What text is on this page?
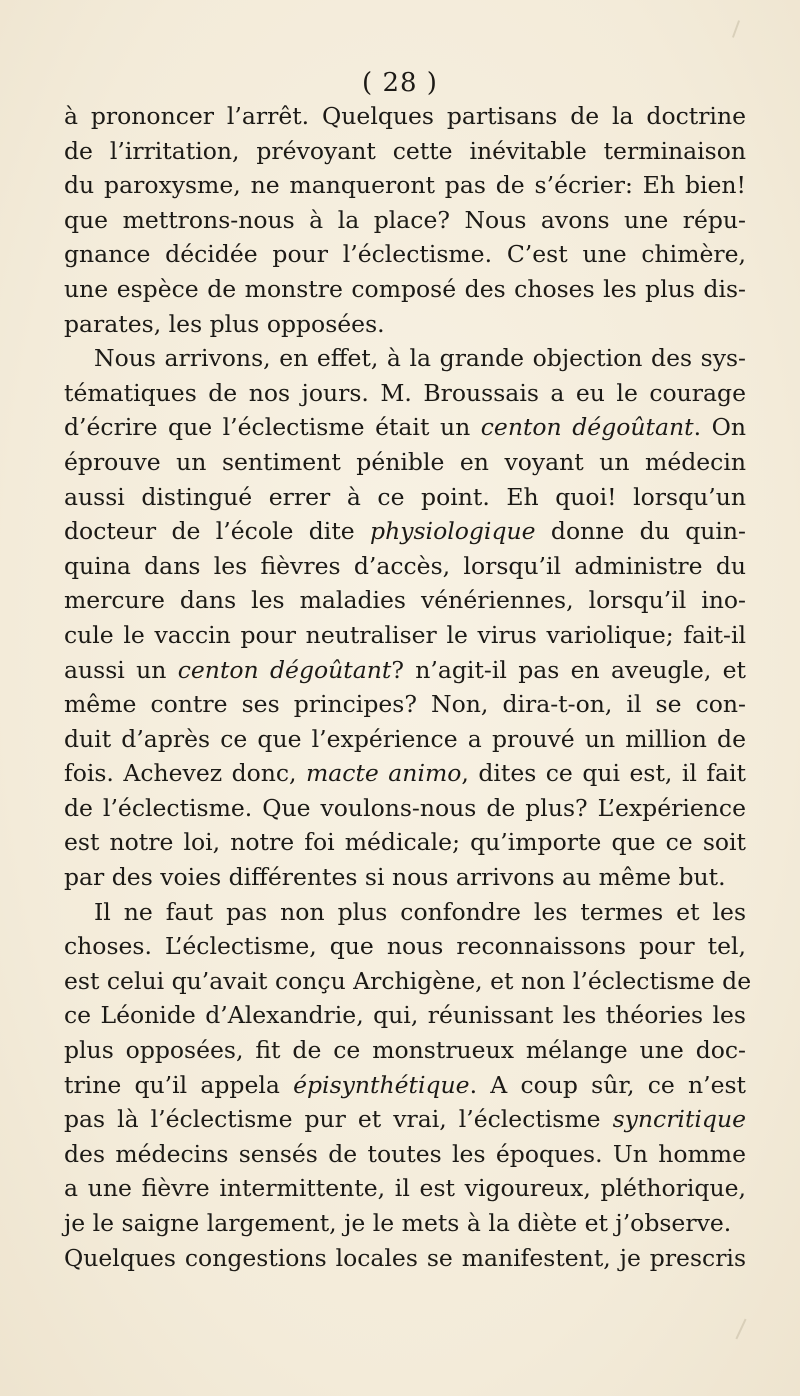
( 28 )
à prononcer l’arrêt. Quelques partisans de la doctrine
de l’irritation, prévoyant cette inévitable terminaison
du paroxysme, ne manqueront pas de s’écrier: Eh bien!
que mettrons-nous à la place? Nous avons une répu-
gnance décidée pour l’éclectisme. C’est une chimère,
une espèce de monstre composé des choses les plus dis-
parates, les plus opposées.
Nous arrivons, en effet, à la grande objection des sys-
tématiques de nos jours. M. Broussais a eu le courage
d’écrire que l’éclectisme était un centon dégoûtant. On
éprouve un sentiment pénible en voyant un médecin
aussi distingué errer à ce point. Eh quoi! lorsqu’un
docteur de l’école dite physiologique donne du quin-
quina dans les fièvres d’accès, lorsqu’il administre du
mercure dans les maladies vénériennes, lorsqu’il ino-
cule le vaccin pour neutraliser le virus variolique; fait-il
aussi un centon dégoûtant? n’agit-il pas en aveugle, et
même contre ses principes? Non, dira-t-on, il se con-
duit d’après ce que l’expérience a prouvé un million de
fois. Achevez donc, macte animo, dites ce qui est, il fait
de l’éclectisme. Que voulons-nous de plus? L’expérience
est notre loi, notre foi médicale; qu’importe que ce soit
par des voies différentes si nous arrivons au même but.
Il ne faut pas non plus confondre les termes et les
choses. L’éclectisme, que nous reconnaissons pour tel,
est celui qu’avait conçu Archigène, et non l’éclectisme de
ce Léonide d’Alexandrie, qui, réunissant les théories les
plus opposées, fit de ce monstrueux mélange une doc-
trine qu’il appela épisynthétique. A coup sûr, ce n’est
pas là l’éclectisme pur et vrai, l’éclectisme syncritique
des médecins sensés de toutes les époques. Un homme
a une fièvre intermittente, il est vigoureux, pléthorique,
je le saigne largement, je le mets à la diète et j’observe.
Quelques congestions locales se manifestent, je prescris
